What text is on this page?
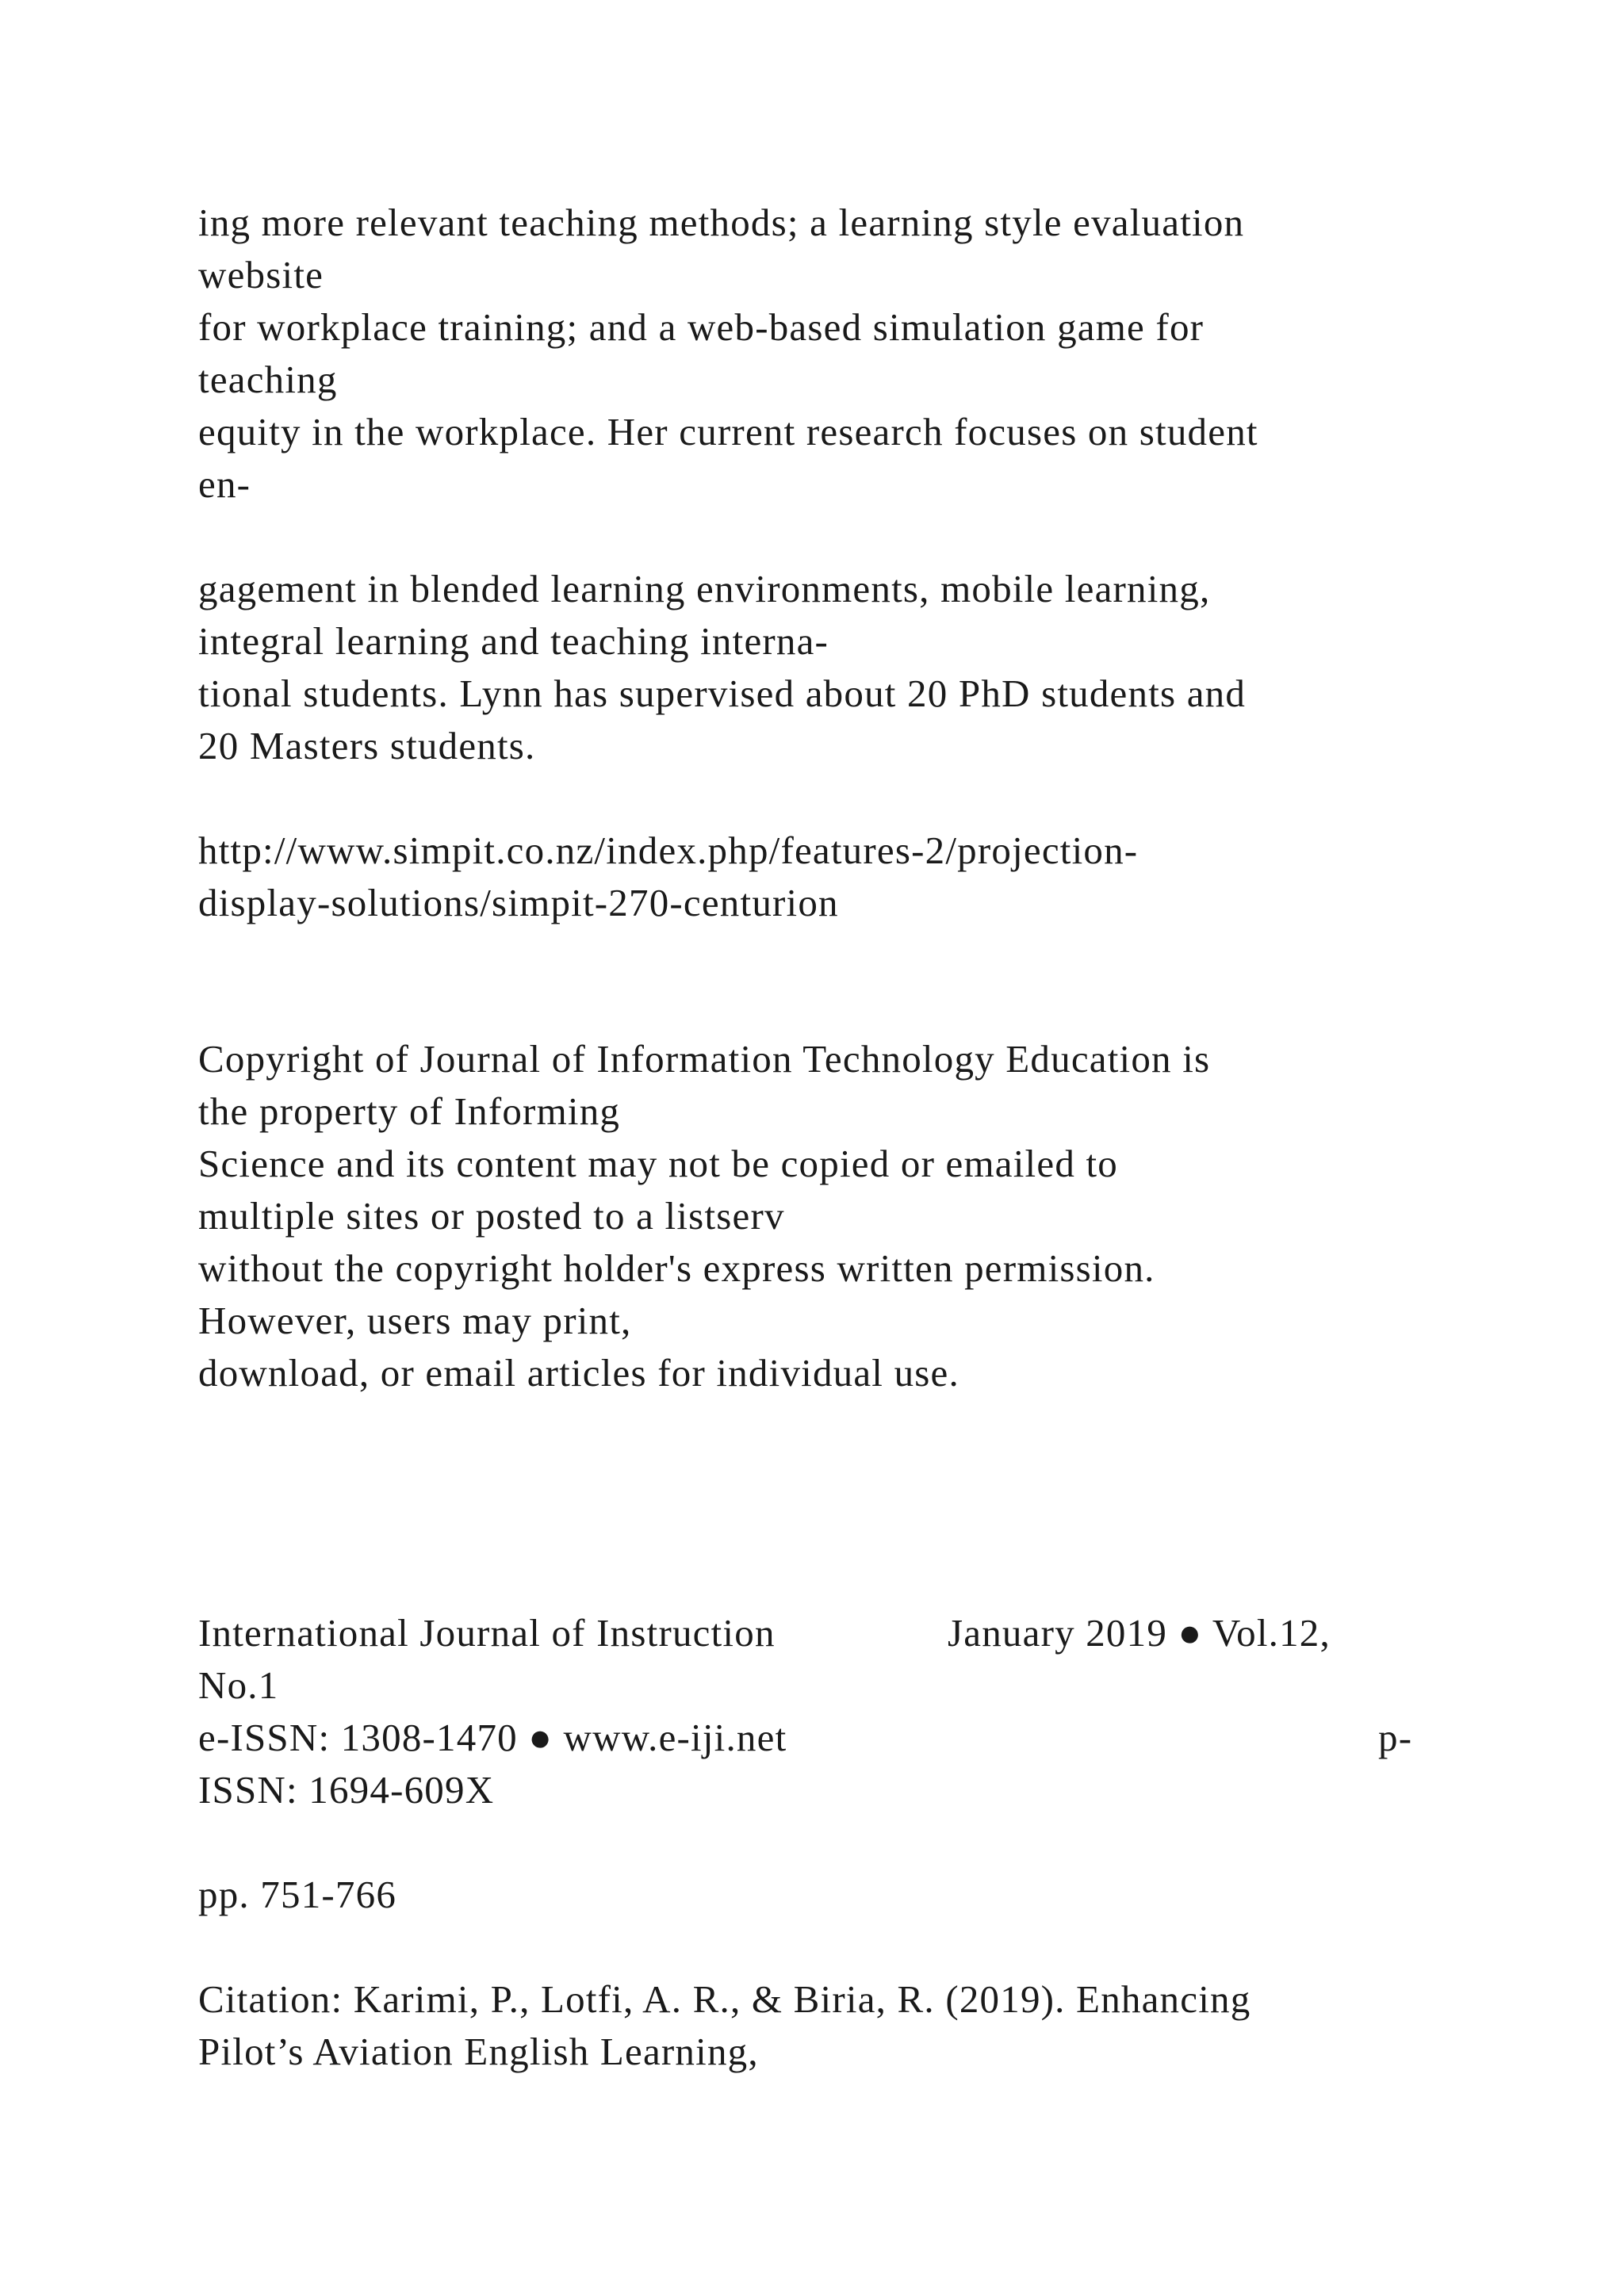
ing more relevant teaching methods; a learning style evaluation
website
for workplace training; and a web-based simulation game for
teaching
equity in the workplace. Her current research focuses on student
en-
gagement in blended learning environments, mobile learning,
integral learning and teaching interna-
tional students. Lynn has supervised about 20 PhD students and
20 Masters students.
http://www.simpit.co.nz/index.php/features-2/projection-
display-solutions/simpit-270-centurion
Copyright of Journal of Information Technology Education is
the property of Informing
Science and its content may not be copied or emailed to
multiple sites or posted to a listserv
without the copyright holder's express written permission.
However, users may print,
download, or email articles for individual use.
International Journal of Instruction	January 2019 ● Vol.12,
No.1
e-ISSN: 1308-1470 ● www.e-iji.net	p-
ISSN: 1694-609X
pp. 751-766
Citation: Karimi, P., Lotfi, A. R., & Biria, R. (2019). Enhancing
Pilot’s Aviation English Learning,
